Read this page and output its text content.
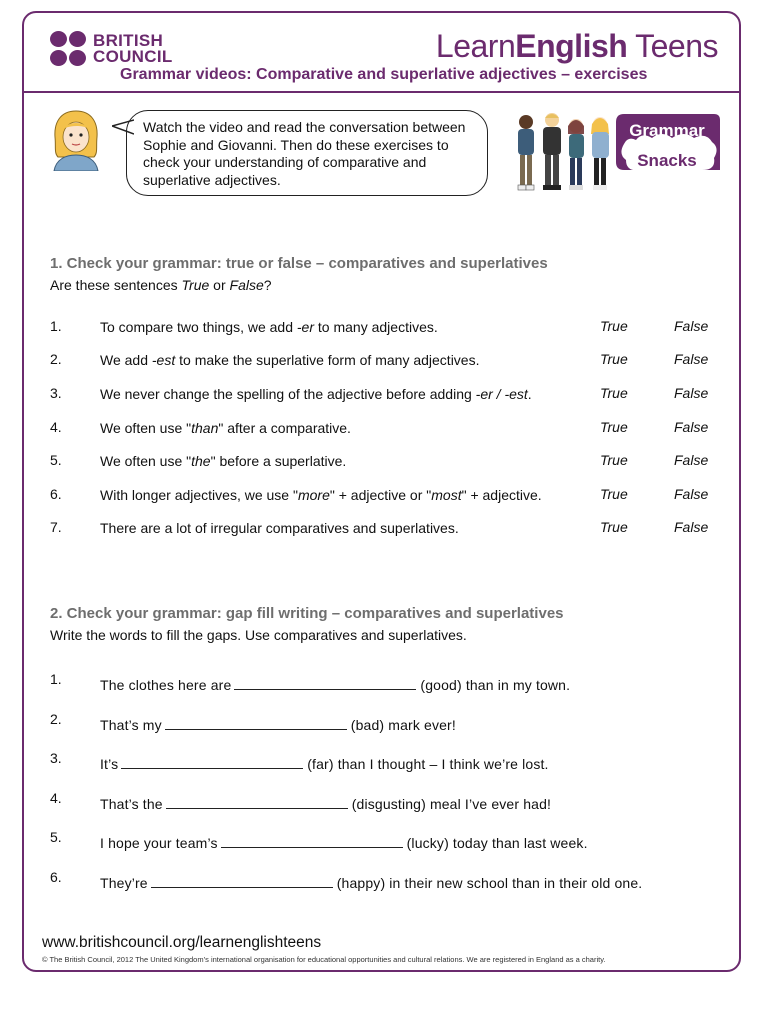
BRITISH
COUNCIL	LearnEnglish Teens
Grammar videos: Comparative and superlative adjectives – exercises
Watch the video and read the conversation between Sophie and Giovanni. Then do these exercises to check your understanding of comparative and superlative adjectives.
Grammar
Snacks
1. Check your grammar: true or false – comparatives and superlatives
Are these sentences True or False?
1.	To compare two things, we add -er to many adjectives.	True	False
2.	We add -est to make the superlative form of many adjectives.	True	False
3.	We never change the spelling of the adjective before adding -er / -est.	True	False
4.	We often use "than" after a comparative.	True	False
5.	We often use "the" before a superlative.	True	False
6.	With longer adjectives, we use "more" + adjective or "most" + adjective.	True	False
7.	There are a lot of irregular comparatives and superlatives.	True	False
2. Check your grammar: gap fill writing – comparatives and superlatives
Write the words to fill the gaps. Use comparatives and superlatives.
1.	The clothes here are	(good) than in my town.
2.	That’s my	(bad) mark ever!
3.	It’s	(far) than I thought – I think we’re lost.
4.	That’s the	(disgusting) meal I’ve ever had!
5.	I hope your team’s	(lucky) today than last week.
6.	They’re	(happy) in their new school than in their old one.
www.britishcouncil.org/learnenglishteens
© The British Council, 2012 The United Kingdom’s international organisation for educational opportunities and cultural relations. We are registered in England as a charity.
